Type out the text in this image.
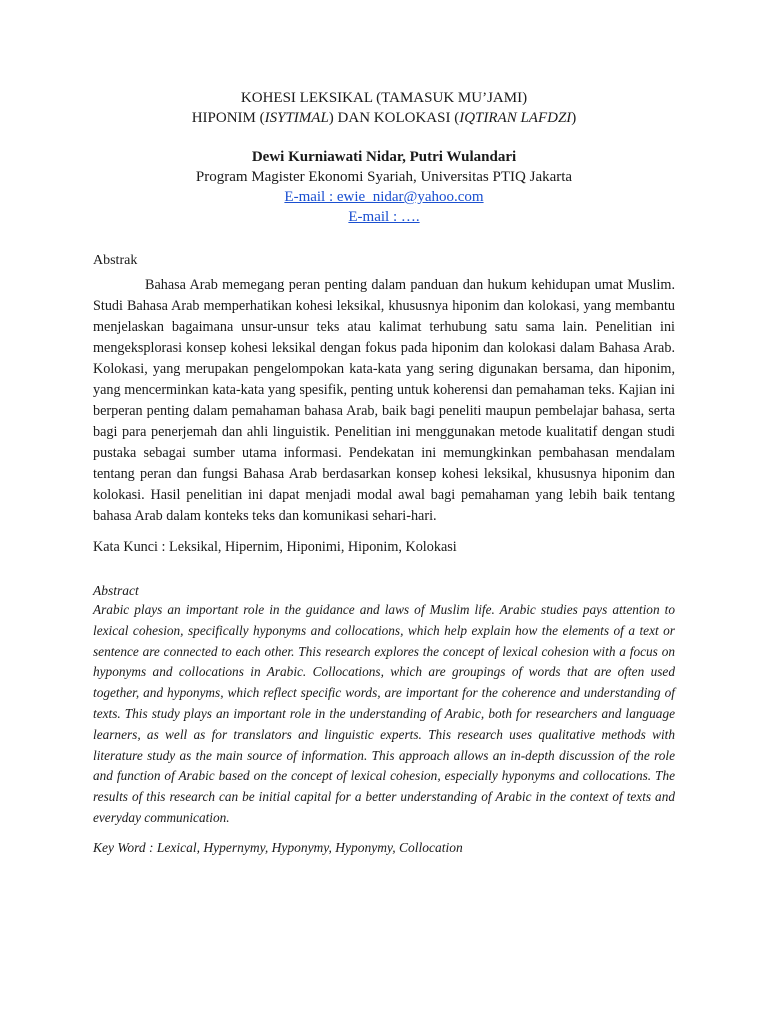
KOHESI LEKSIKAL (TAMASUK MU’JAMI)
HIPONIM (ISYTIMAL) DAN KOLOKASI (IQTIRAN LAFDZI)
Dewi Kurniawati Nidar, Putri Wulandari
Program Magister Ekonomi Syariah, Universitas PTIQ Jakarta
E-mail : ewie_nidar@yahoo.com
E-mail : ….
Abstrak
Bahasa Arab memegang peran penting dalam panduan dan hukum kehidupan umat Muslim. Studi Bahasa Arab memperhatikan kohesi leksikal, khususnya hiponim dan kolokasi, yang membantu menjelaskan bagaimana unsur-unsur teks atau kalimat terhubung satu sama lain. Penelitian ini mengeksplorasi konsep kohesi leksikal dengan fokus pada hiponim dan kolokasi dalam Bahasa Arab. Kolokasi, yang merupakan pengelompokan kata-kata yang sering digunakan bersama, dan hiponim, yang mencerminkan kata-kata yang spesifik, penting untuk koherensi dan pemahaman teks. Kajian ini berperan penting dalam pemahaman bahasa Arab, baik bagi peneliti maupun pembelajar bahasa, serta bagi para penerjemah dan ahli linguistik. Penelitian ini menggunakan metode kualitatif dengan studi pustaka sebagai sumber utama informasi. Pendekatan ini memungkinkan pembahasan mendalam tentang peran dan fungsi Bahasa Arab berdasarkan konsep kohesi leksikal, khususnya hiponim dan kolokasi. Hasil penelitian ini dapat menjadi modal awal bagi pemahaman yang lebih baik tentang bahasa Arab dalam konteks teks dan komunikasi sehari-hari.
Kata Kunci : Leksikal, Hipernim, Hiponimi, Hiponim, Kolokasi
Abstract
Arabic plays an important role in the guidance and laws of Muslim life. Arabic studies pays attention to lexical cohesion, specifically hyponyms and collocations, which help explain how the elements of a text or sentence are connected to each other. This research explores the concept of lexical cohesion with a focus on hyponyms and collocations in Arabic. Collocations, which are groupings of words that are often used together, and hyponyms, which reflect specific words, are important for the coherence and understanding of texts. This study plays an important role in the understanding of Arabic, both for researchers and language learners, as well as for translators and linguistic experts. This research uses qualitative methods with literature study as the main source of information. This approach allows an in-depth discussion of the role and function of Arabic based on the concept of lexical cohesion, especially hyponyms and collocations. The results of this research can be initial capital for a better understanding of Arabic in the context of texts and everyday communication.
Key Word : Lexical, Hypernymy, Hyponymy, Hyponymy, Collocation
